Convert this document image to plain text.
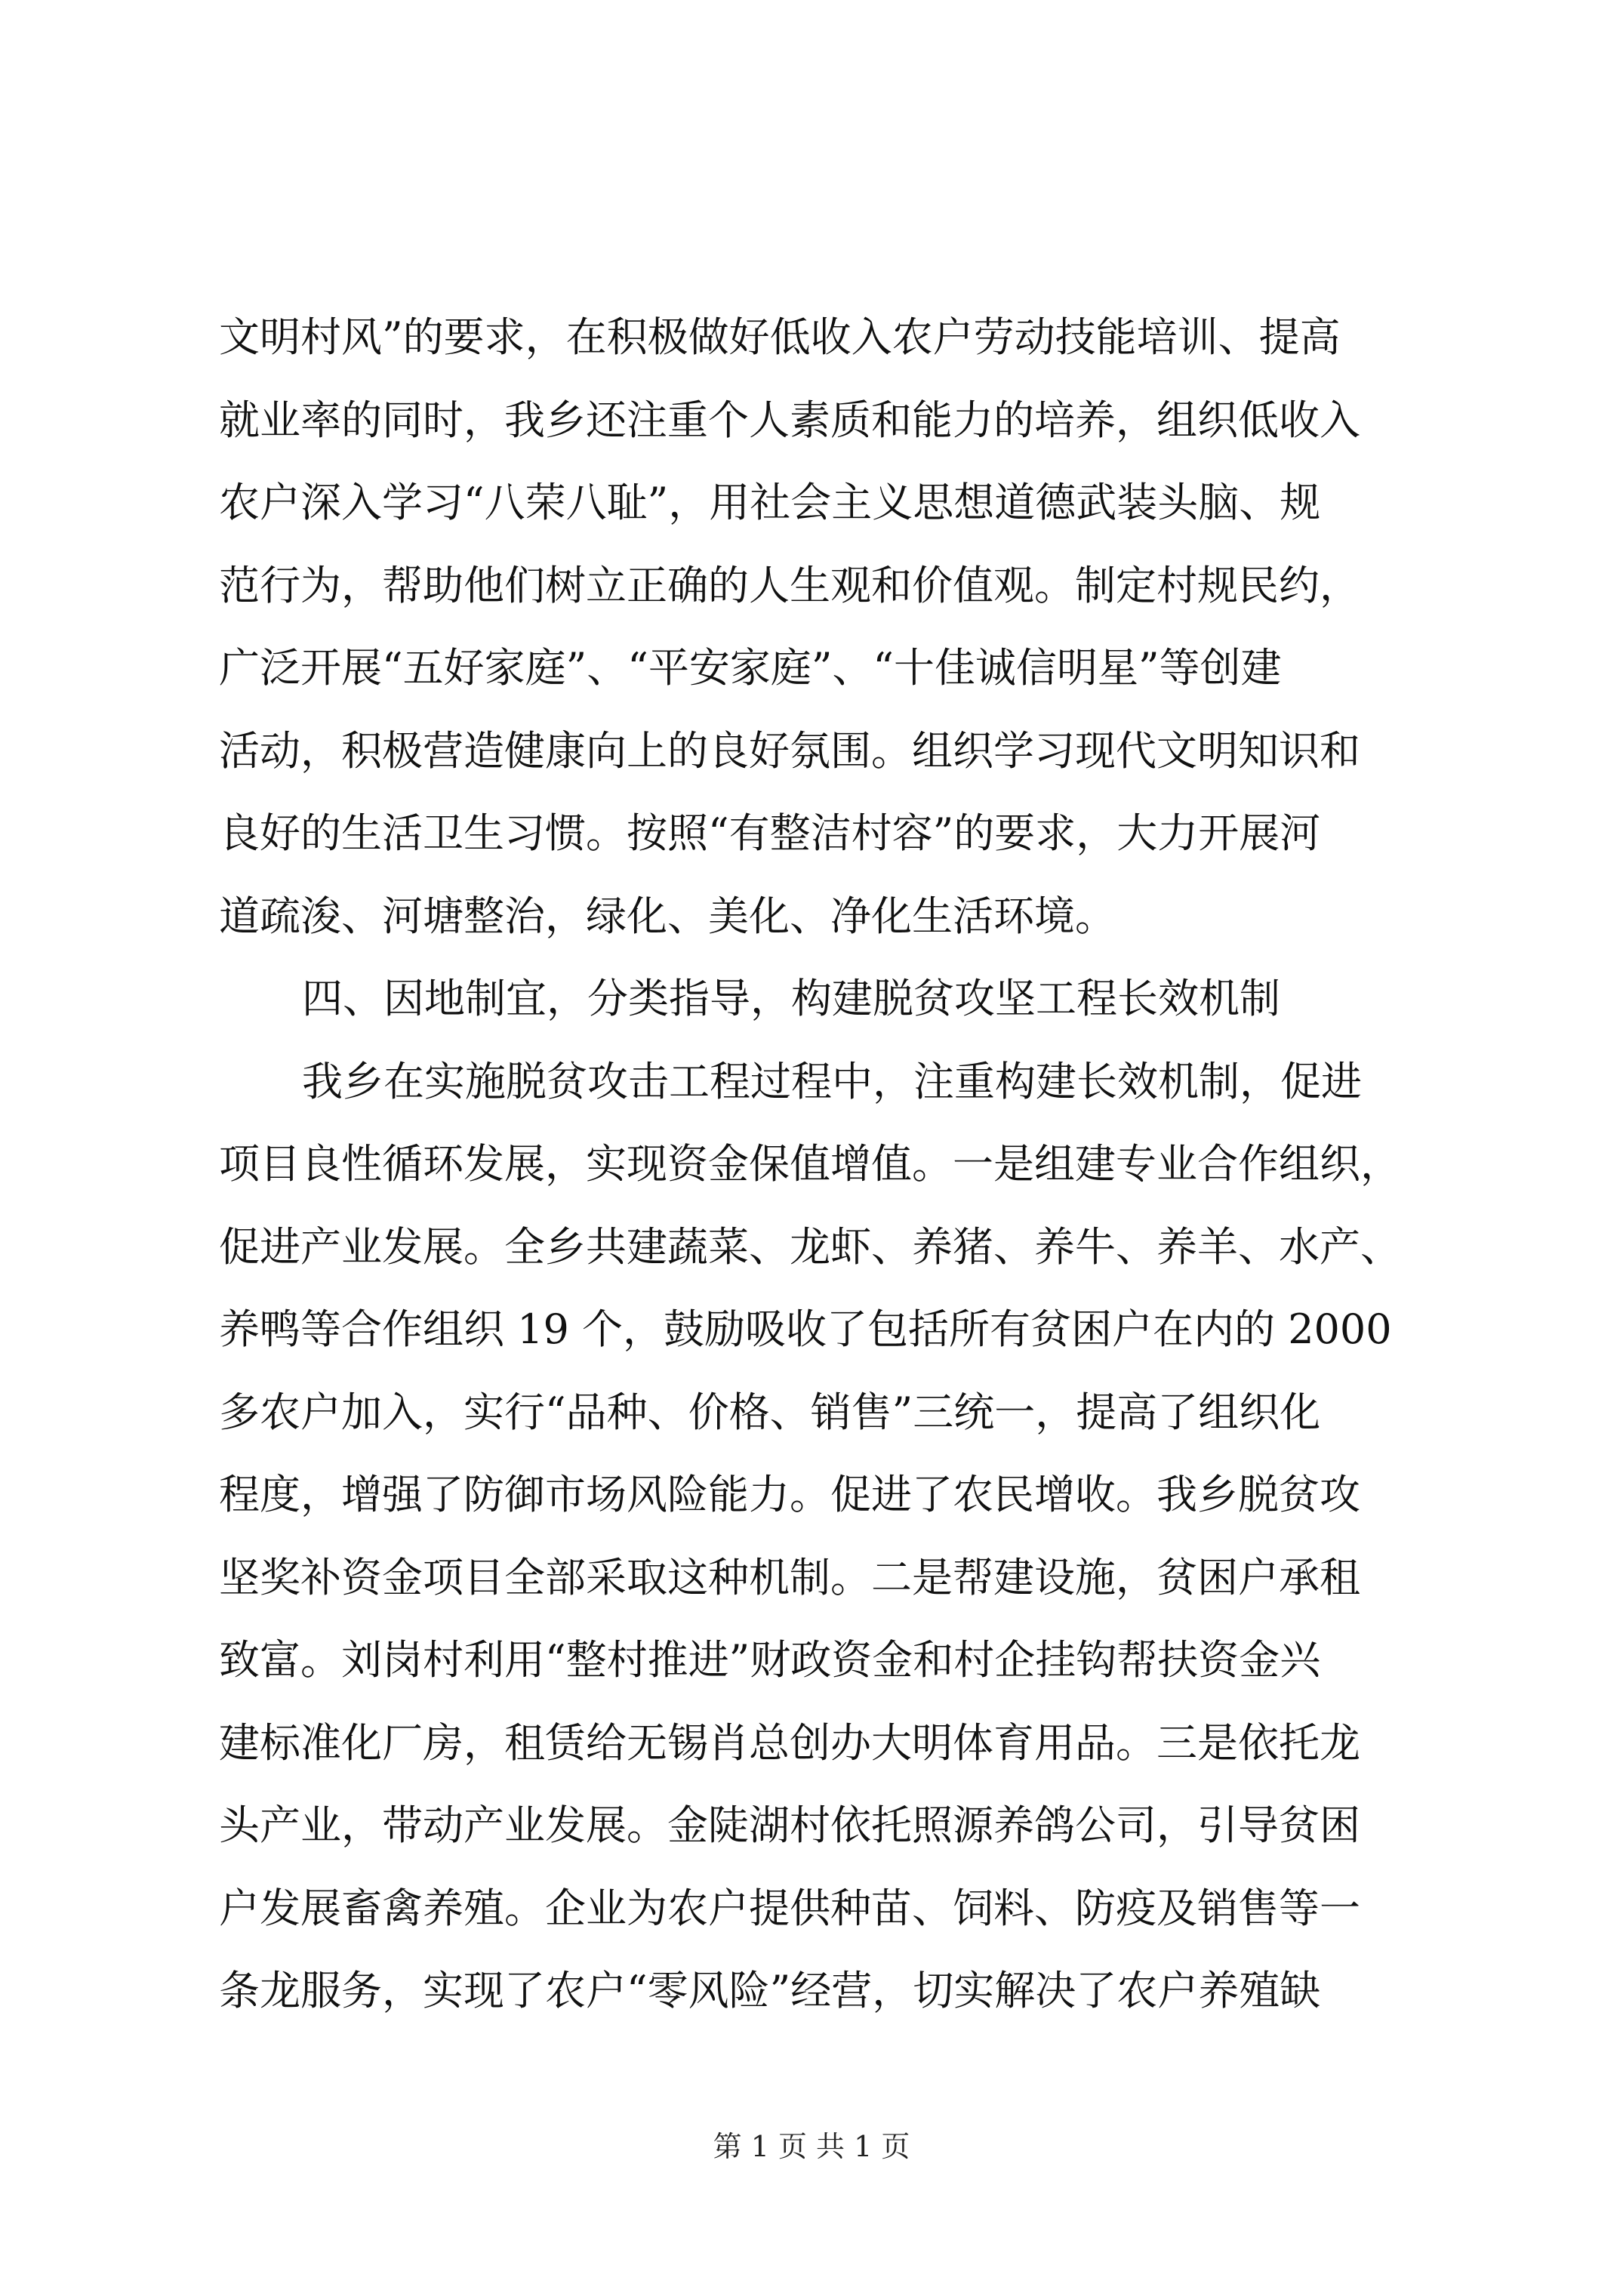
文明村风”的要求，在积极做好低收入农户劳动技能培训、提高
就业率的同时，我乡还注重个人素质和能力的培养，组织低收入
农户深入学习“八荣八耻”，用社会主义思想道德武装头脑、规
范行为，帮助他们树立正确的人生观和价值观。制定村规民约，
广泛开展“五好家庭”、“平安家庭”、“十佳诚信明星”等创建
活动，积极营造健康向上的良好氛围。组织学习现代文明知识和
良好的生活卫生习惯。按照“有整洁村容”的要求，大力开展河
道疏浚、河塘整治，绿化、美化、净化生活环境。
四、因地制宜，分类指导，构建脱贫攻坚工程长效机制
我乡在实施脱贫攻击工程过程中，注重构建长效机制，促进
项目良性循环发展，实现资金保值增值。一是组建专业合作组织，
促进产业发展。全乡共建蔬菜、龙虾、养猪、养牛、养羊、水产、
养鸭等合作组织 19 个，鼓励吸收了包括所有贫困户在内的 2000
多农户加入，实行“品种、价格、销售”三统一，提高了组织化
程度，增强了防御市场风险能力。促进了农民增收。我乡脱贫攻
坚奖补资金项目全部采取这种机制。二是帮建设施，贫困户承租
致富。刘岗村利用“整村推进”财政资金和村企挂钩帮扶资金兴
建标准化厂房，租赁给无锡肖总创办大明体育用品。三是依托龙
头产业，带动产业发展。金陡湖村依托照源养鸽公司，引导贫困
户发展畜禽养殖。企业为农户提供种苗、饲料、防疫及销售等一
条龙服务，实现了农户“零风险”经营，切实解决了农户养殖缺
第 1 页 共 1 页
